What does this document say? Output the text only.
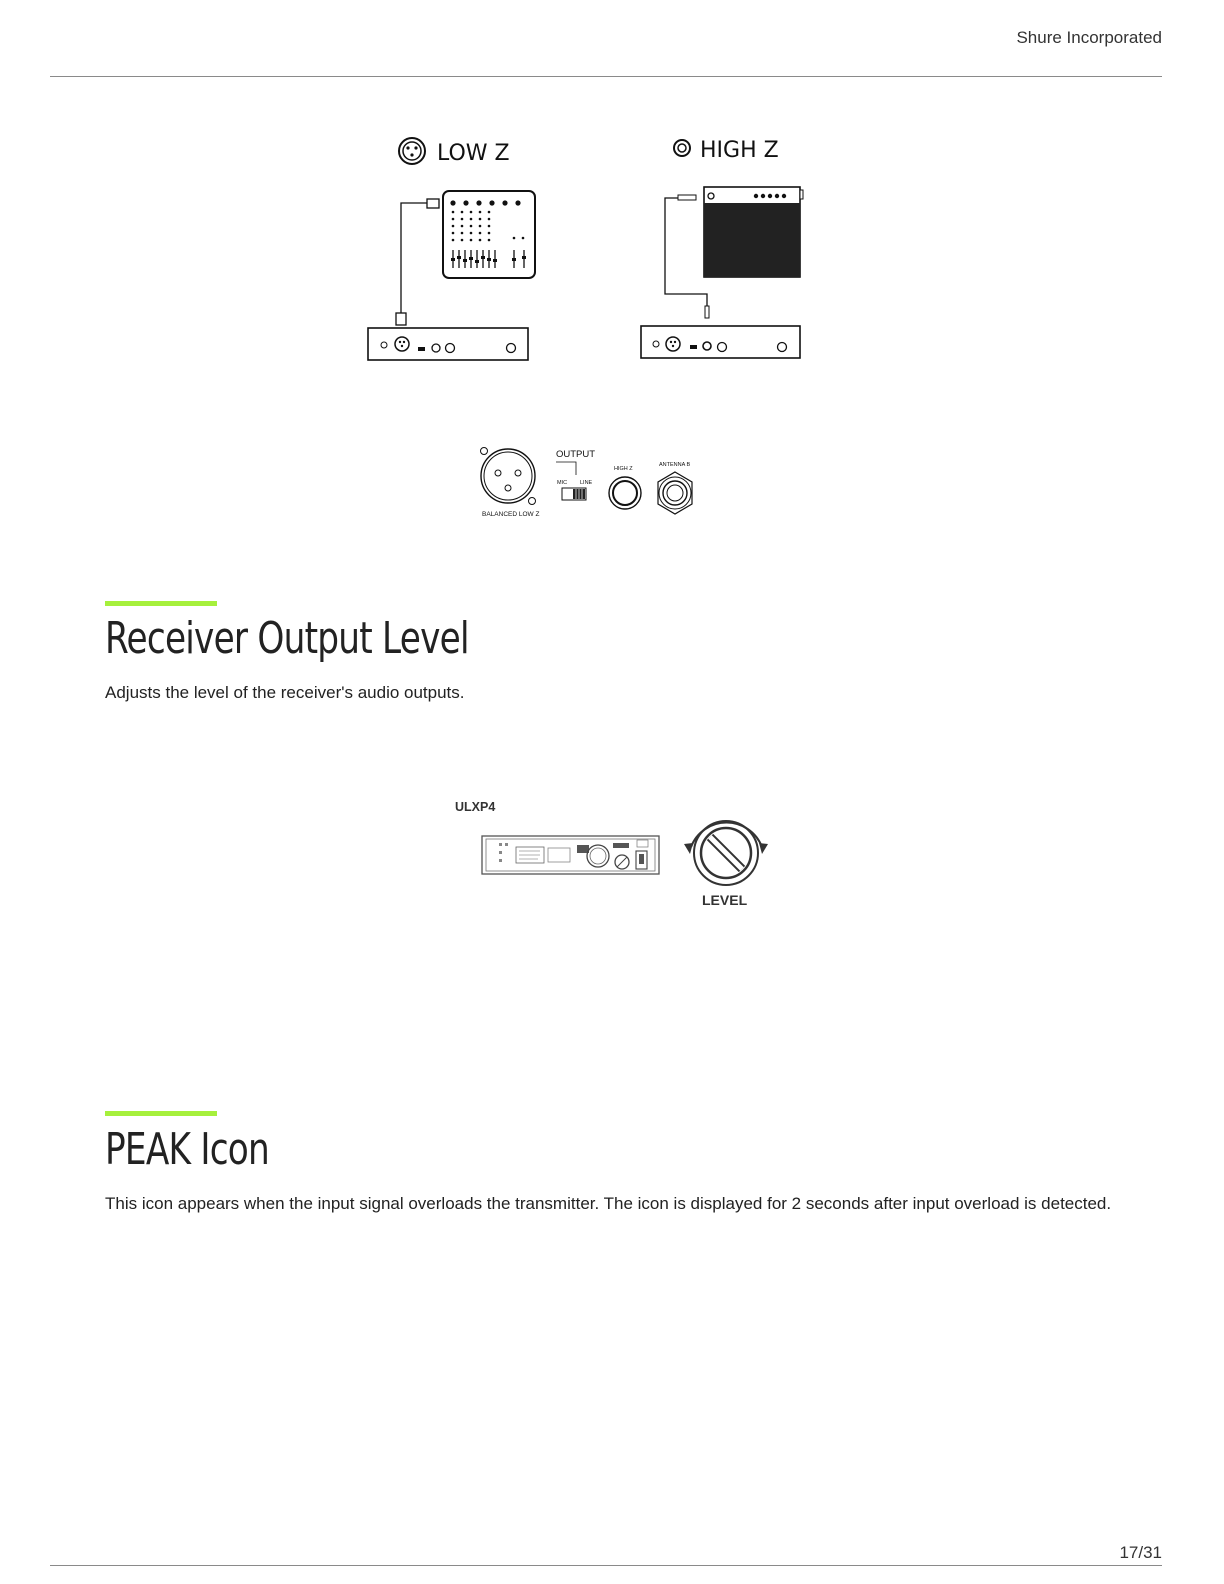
Shure Incorporated
LOW Z	HIGH Z
BALANCED LOW Z
OUTPUT
MIC LINE
HIGH Z
ANTENNA B
Receiver Output Level

Adjusts the level of the receiver's audio outputs.

ULXP4
LEVEL
PEAK Icon

This icon appears when the input signal overloads the transmitter. The icon is displayed for 2 seconds after input overload is detected.

17/31
